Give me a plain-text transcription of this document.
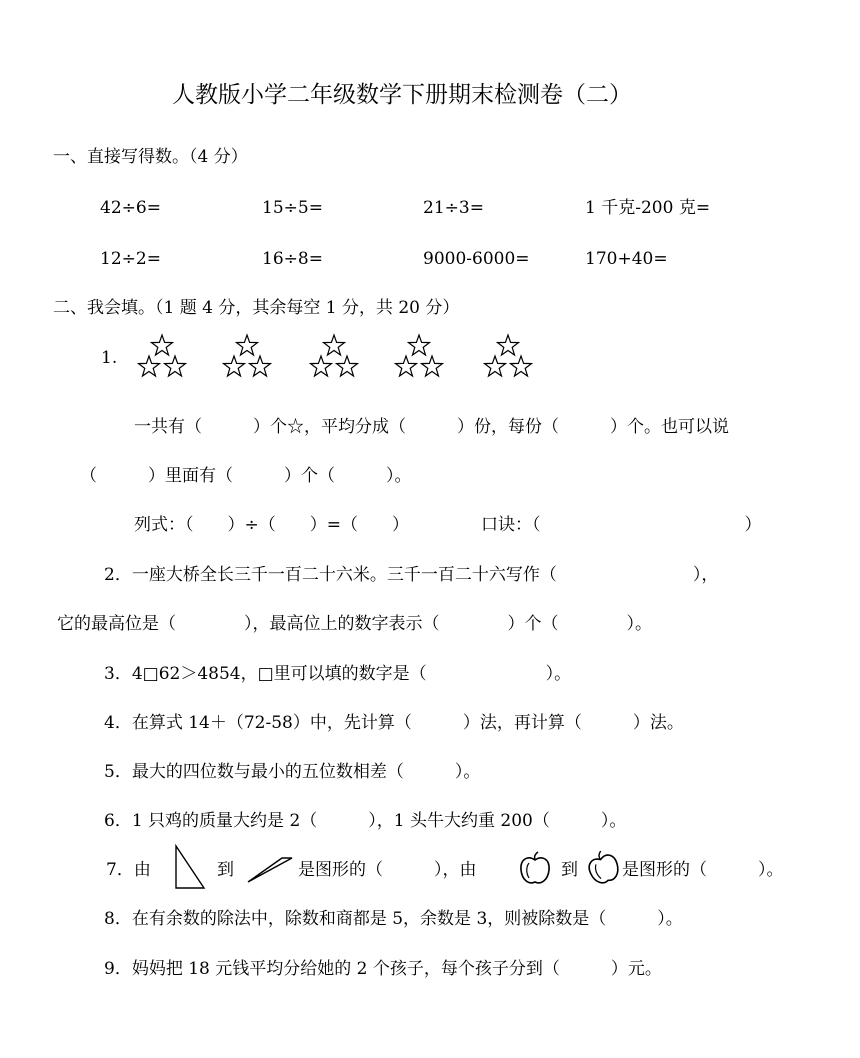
人教版小学二年级数学下册期末检测卷（二）
一、直接写得数。（4 分）
42÷6=	15÷5=	21÷3=	1 千克-200 克=
12÷2=	16÷8=	9000-6000=	170+40=
二、我会填。（1 题 4 分，其余每空 1 分，共 20 分）
1.
一共有（　　　）个☆，平均分成（　　　）份，每份（　　　）个。也可以说
（　　　）里面有（　　　）个（　　　）。
列式：（　　）÷（　　）=（　　）	口诀：（　　　　　　　　　　　　）
2．一座大桥全长三千一百二十六米。三千一百二十六写作（　　　　　　　　），
它的最高位是（　　　　），最高位上的数字表示（　　　　）个（　　　　）。
3．4□62＞4854，□里可以填的数字是（　　　　　　　）。
4．在算式 14＋（72-58）中，先计算（　　　）法，再计算（　　　）法。
5．最大的四位数与最小的五位数相差（　　　）。
6．1 只鸡的质量大约是 2（　　　），1 头牛大约重 200（　　　）。
7．由	到	是图形的（　　　），由	到	是图形的（　　　）。
8．在有余数的除法中，除数和商都是 5，余数是 3，则被除数是（　　　）。
9．妈妈把 18 元钱平均分给她的 2 个孩子，每个孩子分到（　　　）元。
